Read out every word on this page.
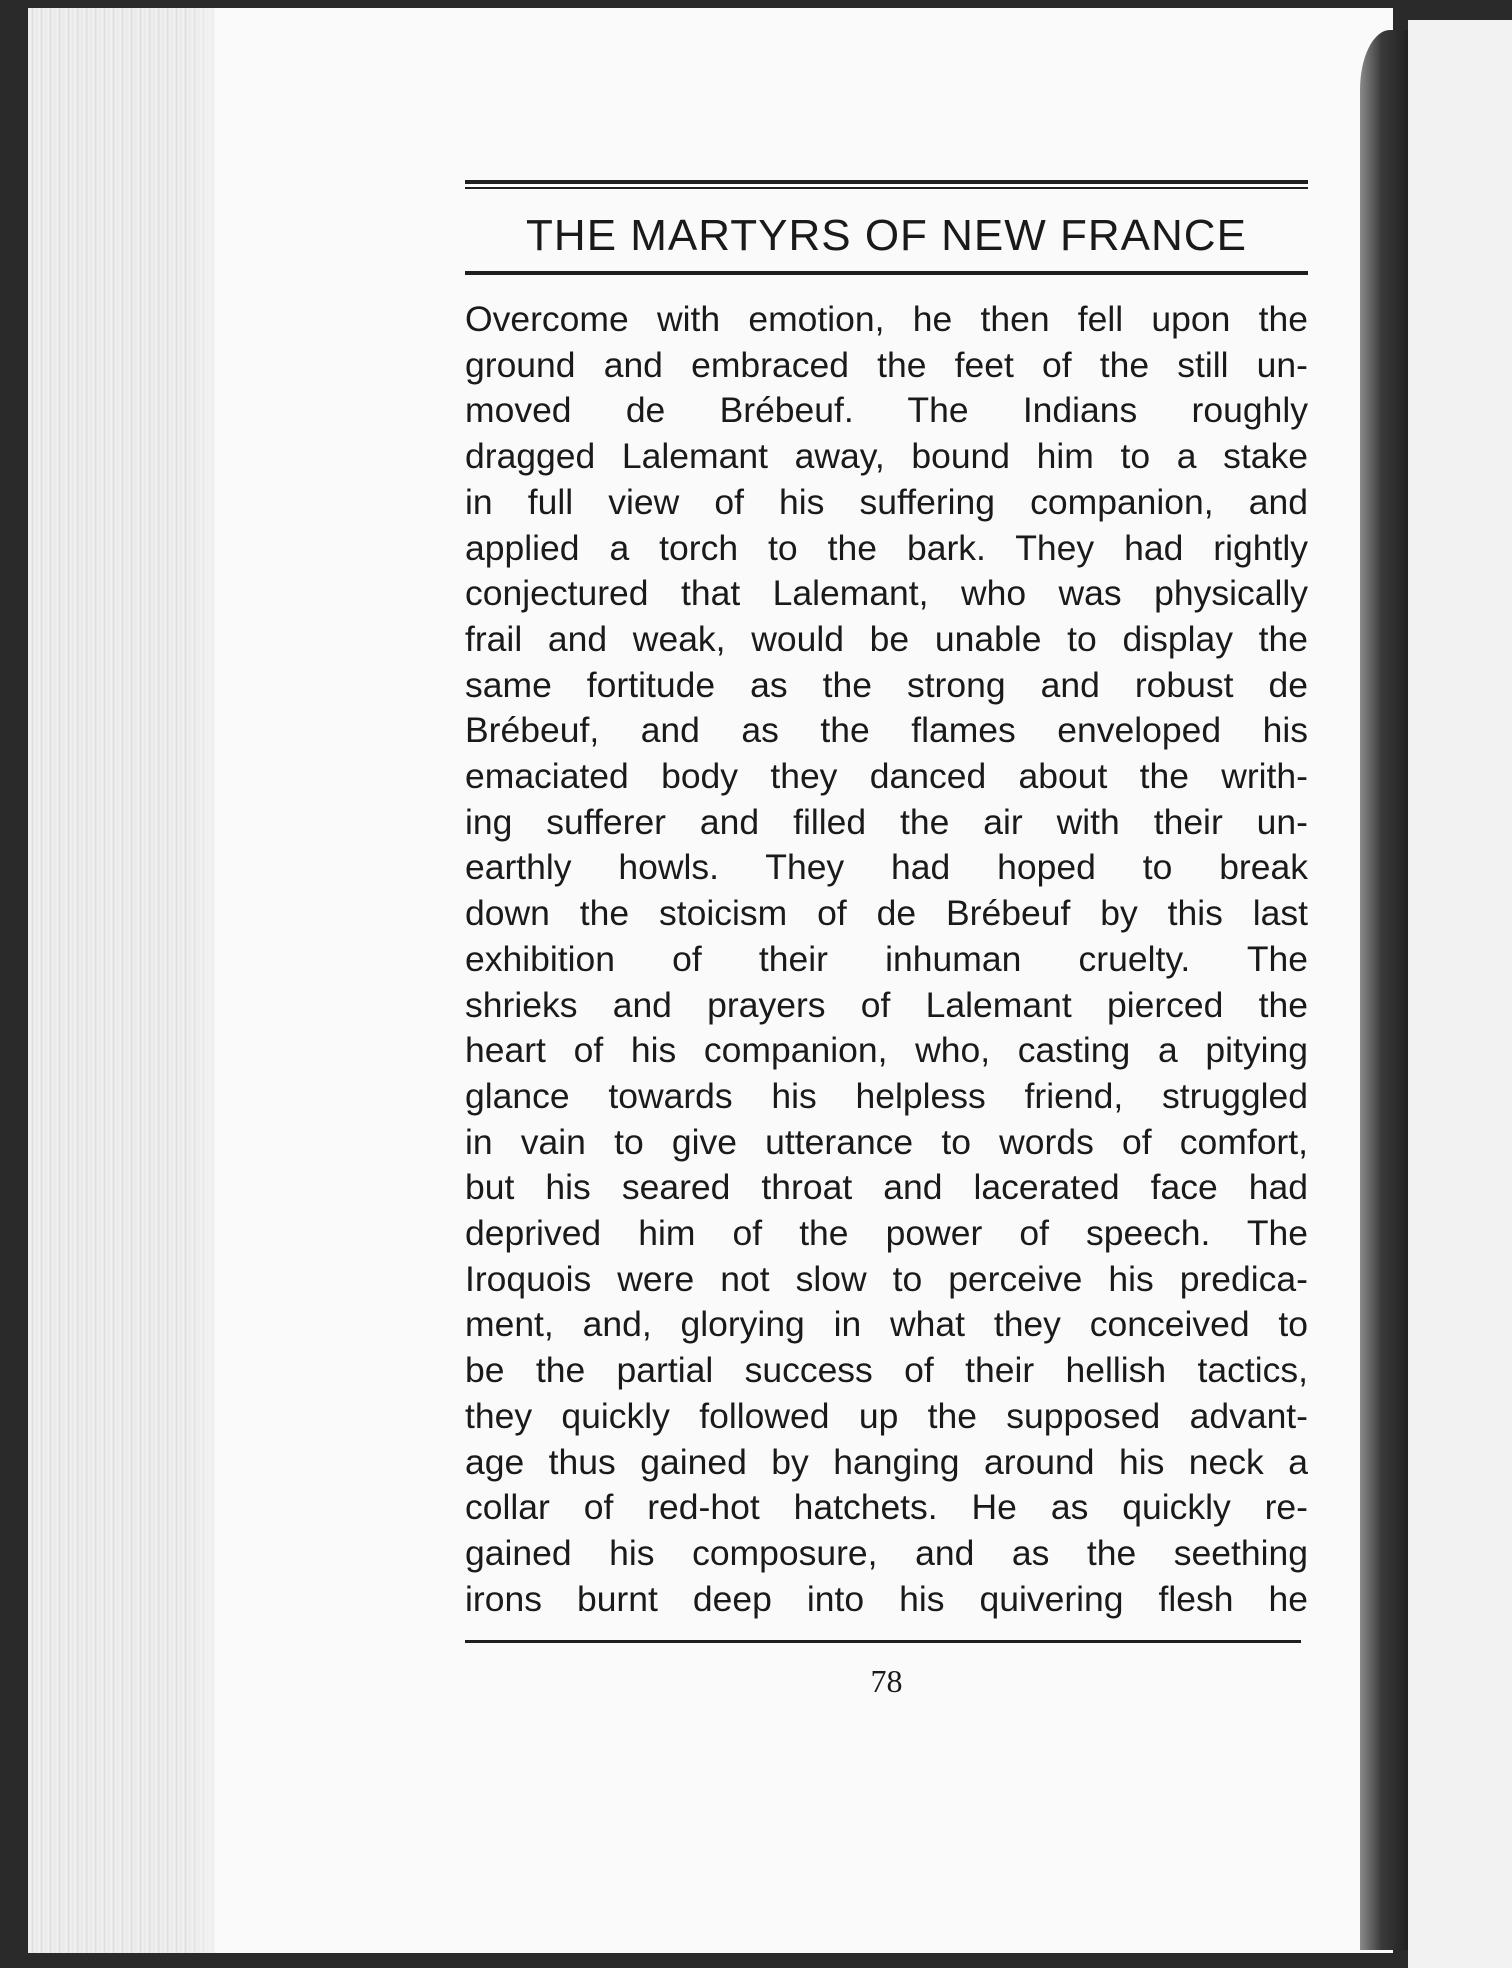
THE MARTYRS OF NEW FRANCE
Overcome with emotion, he then fell upon the
ground and embraced the feet of the still un-
moved de Brébeuf. The Indians roughly
dragged Lalemant away, bound him to a stake
in full view of his suffering companion, and
applied a torch to the bark. They had rightly
conjectured that Lalemant, who was physically
frail and weak, would be unable to display the
same fortitude as the strong and robust de
Brébeuf, and as the flames enveloped his
emaciated body they danced about the writh-
ing sufferer and filled the air with their un-
earthly howls. They had hoped to break
down the stoicism of de Brébeuf by this last
exhibition of their inhuman cruelty. The
shrieks and prayers of Lalemant pierced the
heart of his companion, who, casting a pitying
glance towards his helpless friend, struggled
in vain to give utterance to words of comfort,
but his seared throat and lacerated face had
deprived him of the power of speech. The
Iroquois were not slow to perceive his predica-
ment, and, glorying in what they conceived to
be the partial success of their hellish tactics,
they quickly followed up the supposed advant-
age thus gained by hanging around his neck a
collar of red-hot hatchets. He as quickly re-
gained his composure, and as the seething
irons burnt deep into his quivering flesh he
78
